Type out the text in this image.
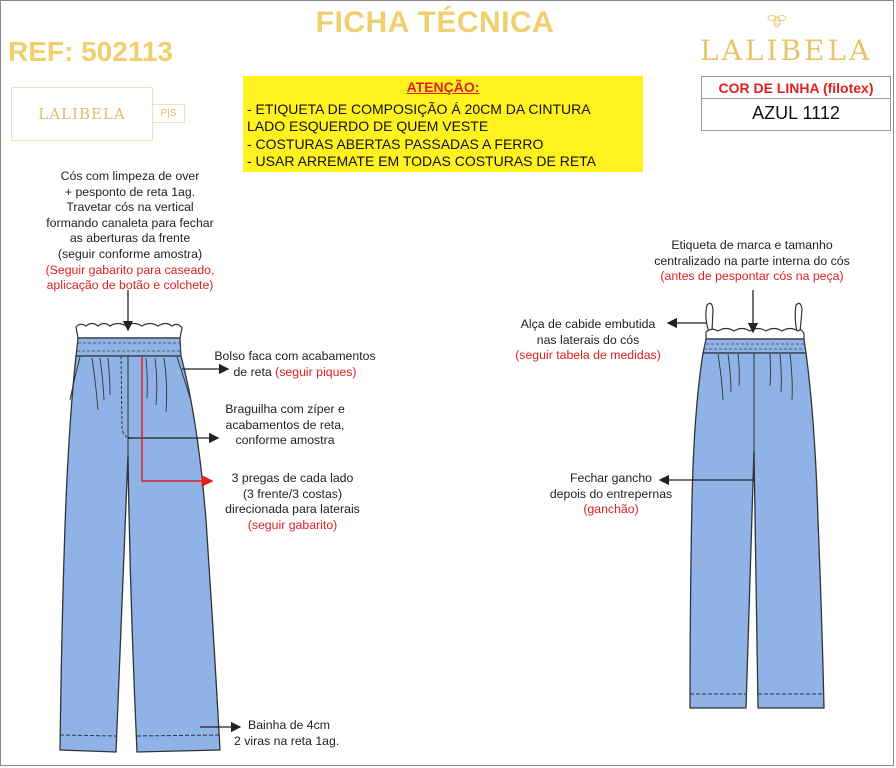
FICHA TÉCNICA
REF: 502113	LALIBELA
LALIBELA	P|S
ATENÇÃO:
- ETIQUETA DE COMPOSIÇÃO Á 20CM DA CINTURA
LADO ESQUERDO DE QUEM VESTE
- COSTURAS ABERTAS PASSADAS A FERRO
- USAR ARREMATE EM TODAS COSTURAS DE RETA
COR DE LINHA (filotex)
AZUL 1112
Cós com limpeza de over
+ pesponto de reta 1ag.
Travetar cós na vertical
formando canaleta para fechar
as aberturas da frente
(seguir conforme amostra)
(Seguir gabarito para caseado,
aplicação de botão e colchete)
Bolso faca com acabamentos
de reta (seguir piques)
Braguilha com zíper e
acabamentos de reta,
conforme amostra
3 pregas de cada lado
(3 frente/3 costas)
direcionada para laterais
(seguir gabarito)
Bainha de 4cm
2 viras na reta 1ag.
Etiqueta de marca e tamanho
centralizado na parte interna do cós
(antes de pespontar cós na peça)
Alça de cabide embutida
nas laterais do cós
(seguir tabela de medidas)
Fechar gancho
depois do entrepernas
(ganchão)
